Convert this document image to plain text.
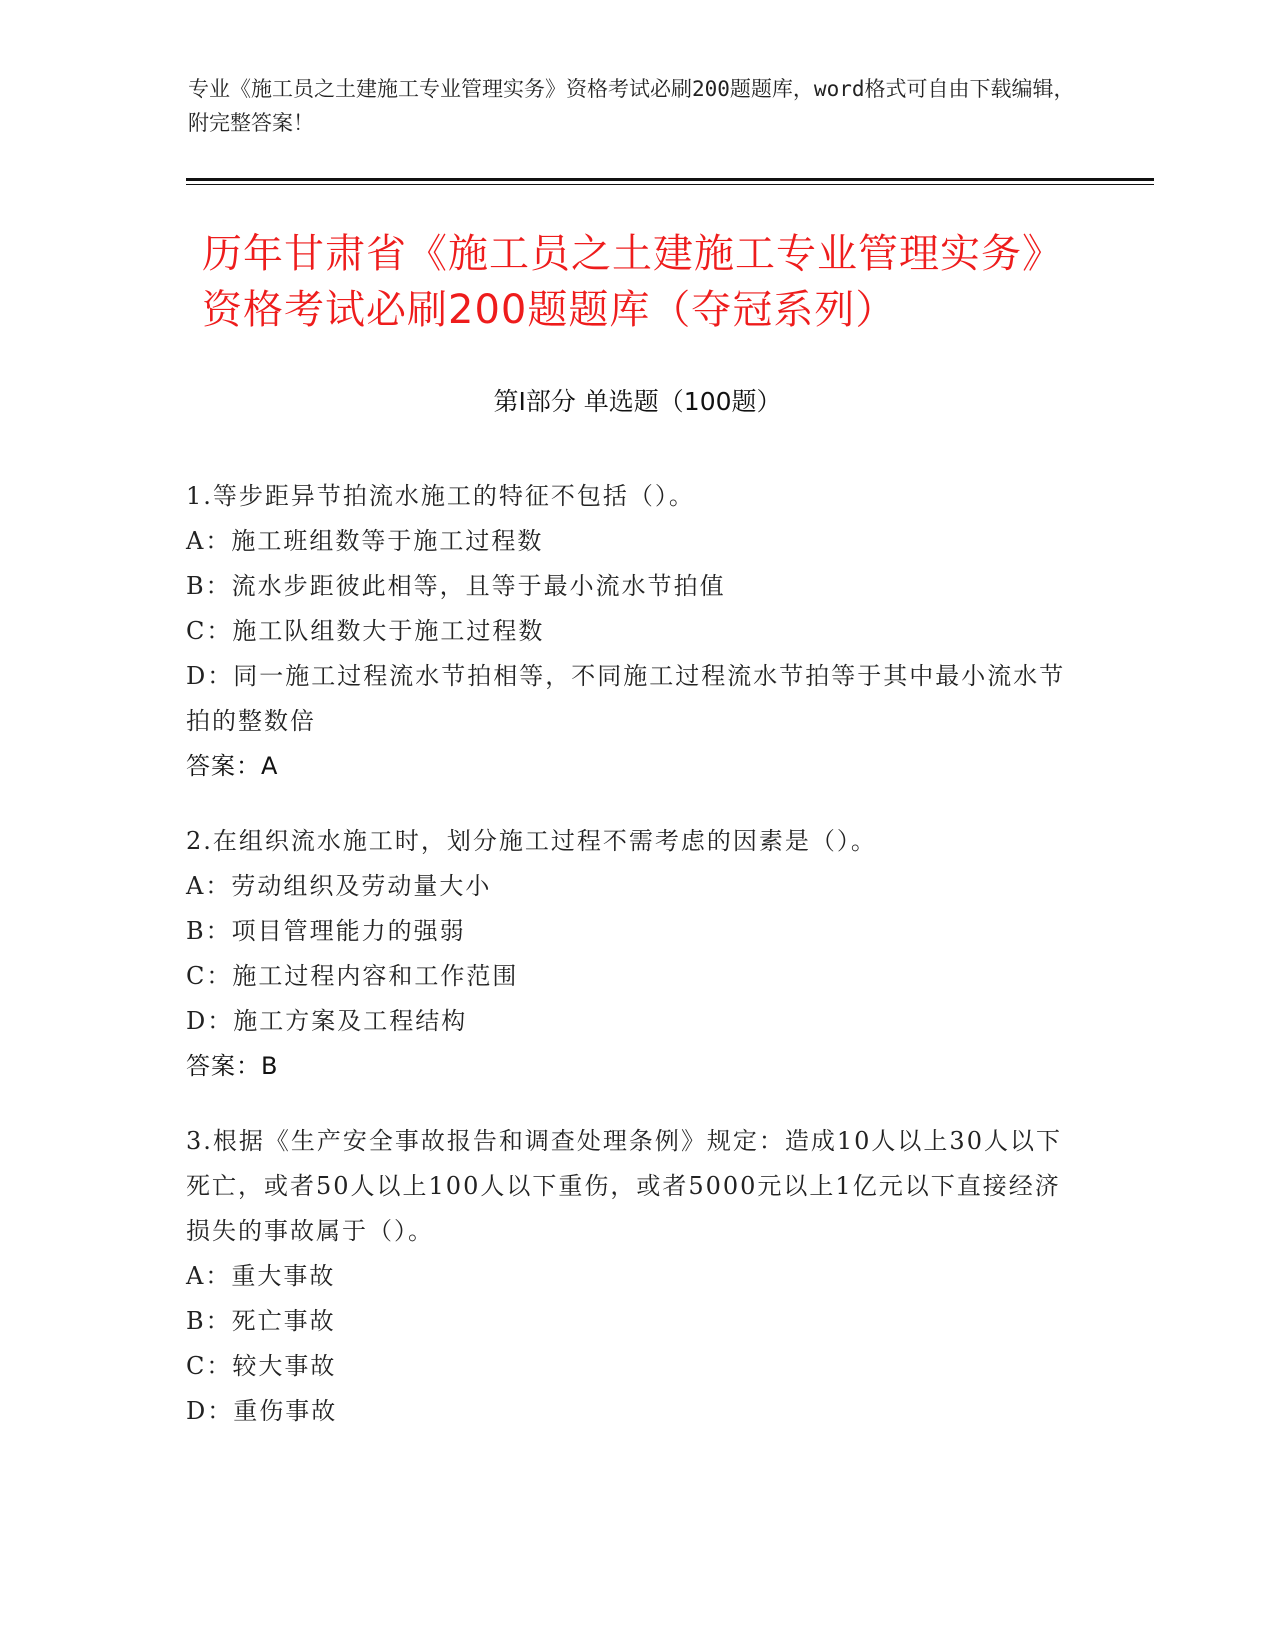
专业《施工员之土建施工专业管理实务》资格考试必刷200题题库，word格式可自由下载编辑，附完整答案！
历年甘肃省《施工员之土建施工专业管理实务》资格考试必刷200题题库（夺冠系列）
第Ⅰ部分 单选题（100题）

1.等步距异节拍流水施工的特征不包括（）。

A：施工班组数等于施工过程数

B：流水步距彼此相等，且等于最小流水节拍值

C：施工队组数大于施工过程数

D：同一施工过程流水节拍相等，不同施工过程流水节拍等于其中最小流水节拍的整数倍

答案：A

2.在组织流水施工时，划分施工过程不需考虑的因素是（）。

A：劳动组织及劳动量大小

B：项目管理能力的强弱

C：施工过程内容和工作范围

D：施工方案及工程结构

答案：B

3.根据《生产安全事故报告和调查处理条例》规定：造成10人以上30人以下死亡，或者50人以上100人以下重伤，或者5000元以上1亿元以下直接经济损失的事故属于（）。

A：重大事故

B：死亡事故

C：较大事故

D：重伤事故
